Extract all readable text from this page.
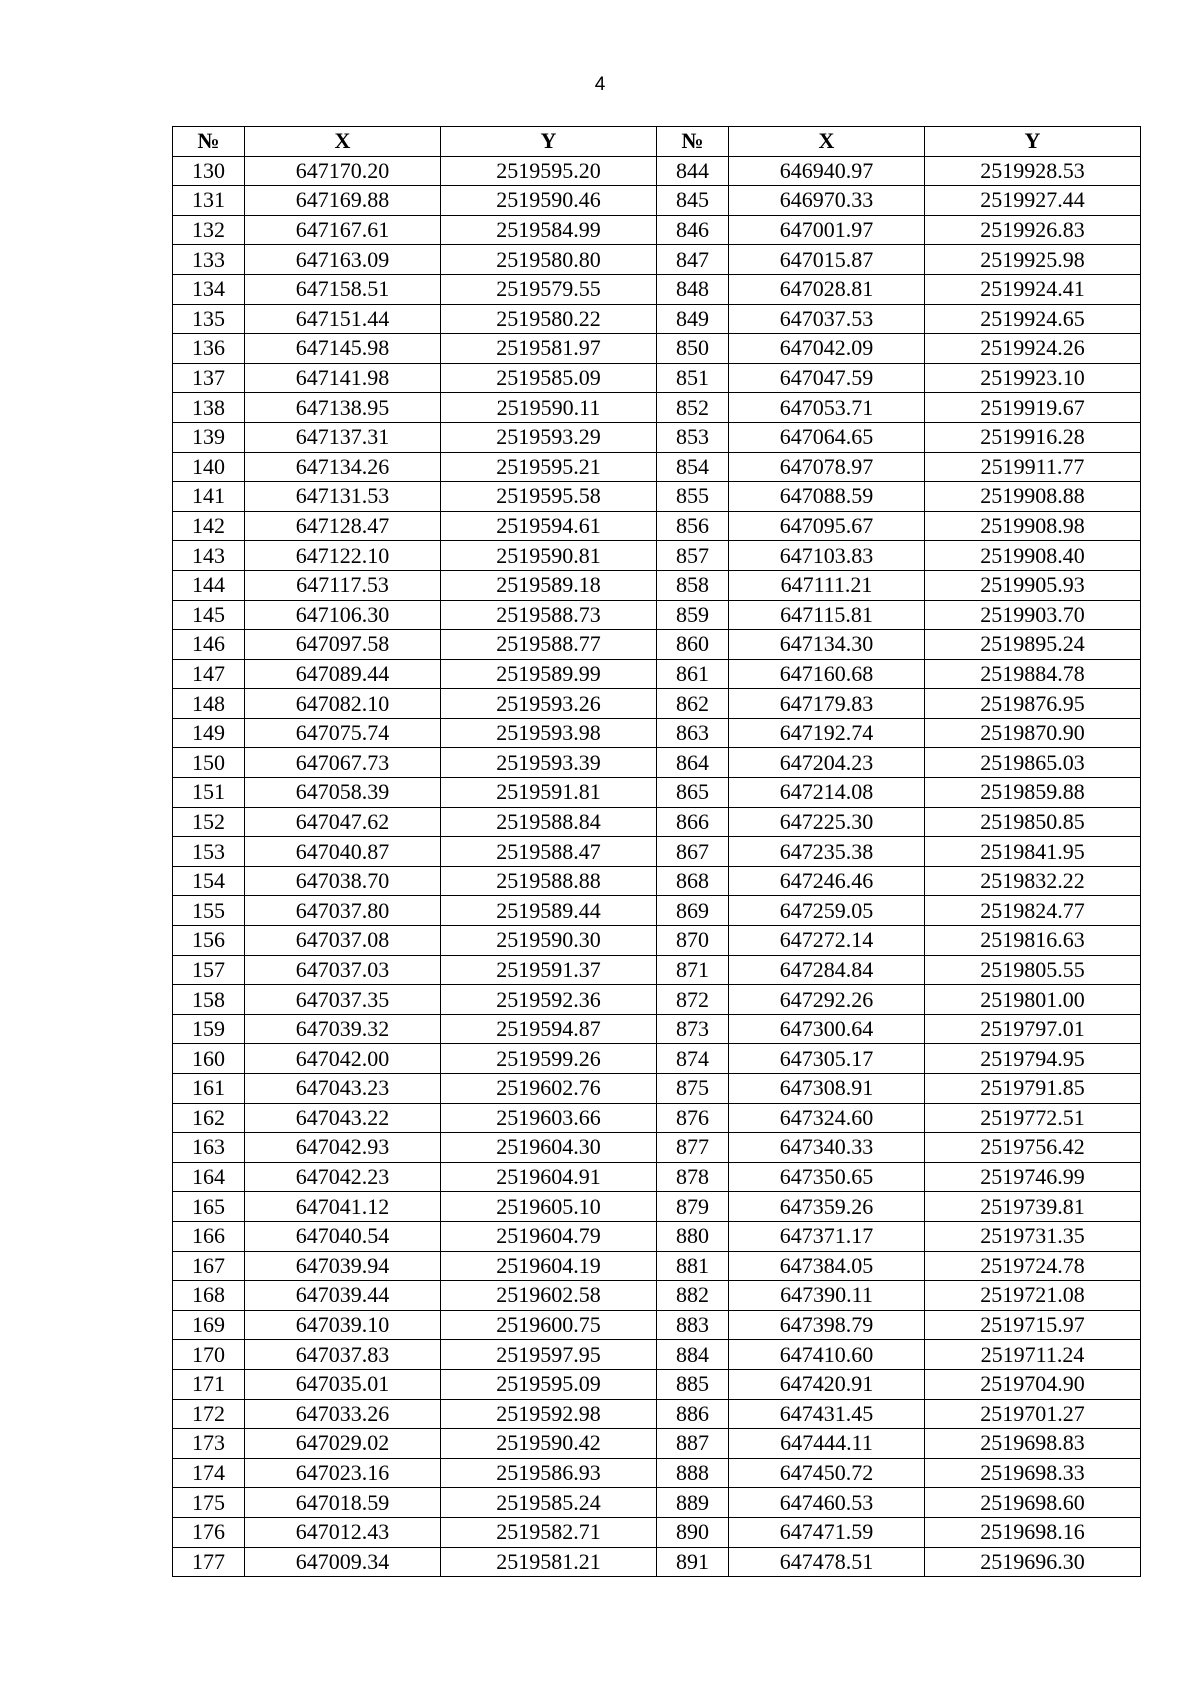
4
№	X	Y	№	X	Y
130	647170.20	2519595.20	844	646940.97	2519928.53
131	647169.88	2519590.46	845	646970.33	2519927.44
132	647167.61	2519584.99	846	647001.97	2519926.83
133	647163.09	2519580.80	847	647015.87	2519925.98
134	647158.51	2519579.55	848	647028.81	2519924.41
135	647151.44	2519580.22	849	647037.53	2519924.65
136	647145.98	2519581.97	850	647042.09	2519924.26
137	647141.98	2519585.09	851	647047.59	2519923.10
138	647138.95	2519590.11	852	647053.71	2519919.67
139	647137.31	2519593.29	853	647064.65	2519916.28
140	647134.26	2519595.21	854	647078.97	2519911.77
141	647131.53	2519595.58	855	647088.59	2519908.88
142	647128.47	2519594.61	856	647095.67	2519908.98
143	647122.10	2519590.81	857	647103.83	2519908.40
144	647117.53	2519589.18	858	647111.21	2519905.93
145	647106.30	2519588.73	859	647115.81	2519903.70
146	647097.58	2519588.77	860	647134.30	2519895.24
147	647089.44	2519589.99	861	647160.68	2519884.78
148	647082.10	2519593.26	862	647179.83	2519876.95
149	647075.74	2519593.98	863	647192.74	2519870.90
150	647067.73	2519593.39	864	647204.23	2519865.03
151	647058.39	2519591.81	865	647214.08	2519859.88
152	647047.62	2519588.84	866	647225.30	2519850.85
153	647040.87	2519588.47	867	647235.38	2519841.95
154	647038.70	2519588.88	868	647246.46	2519832.22
155	647037.80	2519589.44	869	647259.05	2519824.77
156	647037.08	2519590.30	870	647272.14	2519816.63
157	647037.03	2519591.37	871	647284.84	2519805.55
158	647037.35	2519592.36	872	647292.26	2519801.00
159	647039.32	2519594.87	873	647300.64	2519797.01
160	647042.00	2519599.26	874	647305.17	2519794.95
161	647043.23	2519602.76	875	647308.91	2519791.85
162	647043.22	2519603.66	876	647324.60	2519772.51
163	647042.93	2519604.30	877	647340.33	2519756.42
164	647042.23	2519604.91	878	647350.65	2519746.99
165	647041.12	2519605.10	879	647359.26	2519739.81
166	647040.54	2519604.79	880	647371.17	2519731.35
167	647039.94	2519604.19	881	647384.05	2519724.78
168	647039.44	2519602.58	882	647390.11	2519721.08
169	647039.10	2519600.75	883	647398.79	2519715.97
170	647037.83	2519597.95	884	647410.60	2519711.24
171	647035.01	2519595.09	885	647420.91	2519704.90
172	647033.26	2519592.98	886	647431.45	2519701.27
173	647029.02	2519590.42	887	647444.11	2519698.83
174	647023.16	2519586.93	888	647450.72	2519698.33
175	647018.59	2519585.24	889	647460.53	2519698.60
176	647012.43	2519582.71	890	647471.59	2519698.16
177	647009.34	2519581.21	891	647478.51	2519696.30
